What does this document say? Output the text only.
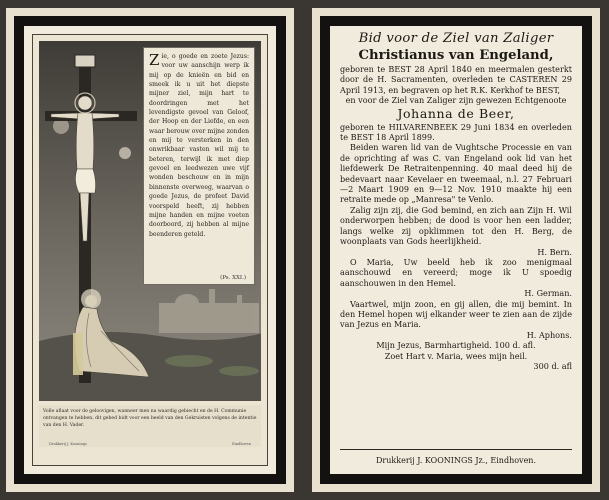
Zie, o goede en zoete Jezus: voor uw aanschijn werp ik mij op de knieën en bid en smeek ik u uit het diepste mijner ziel, mijn hart te doordringen met het levendigste gevoel van Geloof, der Hoop en der Liefde, en een waar berouw over mijne zonden en mij te versterken in den onwrikbaar vasten wil mij te beteren, terwijl ik met diep gevoel en leedwezen uwe vijf wonden beschouw en in mijn binnenste overweeg, waarvan o goede Jezus, de profeet David voorspeld heeft, zij hebben mijne handen en mijne voeten doorboord, zij hebben al mijne beenderen geteld.

(Ps. XXI.)

Volle aflaat voor de geloovigen, wanneer men na waardig gebiecht en de H. Communie ontvangen te hebben, dit gebed bidt voor een beeld van den Gekruisten volgens de intentie van den H. Vader.

Drukkerij J. Koonings	Eindhoven

Bid voor de Ziel van Zaliger

Christianus van Engeland,

geboren te BEST 28 April 1840 en meermalen gesterkt door de H. Sacramenten, overleden te CASTEREN 29 April 1913, en begraven op het R.K. Kerkhof te BEST,

en voor de Ziel van Zaliger zijn gewezen Echtgenoote

Johanna de Beer,

geboren te HILVARENBEEK 29 Juni 1834 en overleden te BEST 18 April 1899.

Beiden waren lid van de Vughtsche Processie en van de oprichting af was C. van Engeland ook lid van het liefdewerk De Retraitenpenning. 40 maal deed hij de bedevaart naar Kevelaer en tweemaal, n.l. 27 Februari—2 Maart 1909 en 9—12 Nov. 1910 maakte hij een retraite mede op „Manresa" te Venlo.

Zalig zijn zij, die God bemind, en zich aan Zijn H. Wil onderworpen hebben; de dood is voor hen een ladder, langs welke zij opklimmen tot den H. Berg, de woonplaats van Gods heerlijkheid.
H. Bern.

O Maria, Uw beeld heb ik zoo menigmaal aanschouwd en vereerd; moge ik U spoedig aanschouwen in den Hemel.
H. German.

Vaartwel, mijn zoon, en gij allen, die mij bemint. In den Hemel hopen wij elkander weer te zien aan de zijde van Jezus en Maria.
H. Aphons.

Mijn Jezus, Barmhartigheid. 100 d. afl.

Zoet Hart v. Maria, wees mijn heil.

300 d. afl

Drukkerij J. KOONINGS Jz., Eindhoven.
